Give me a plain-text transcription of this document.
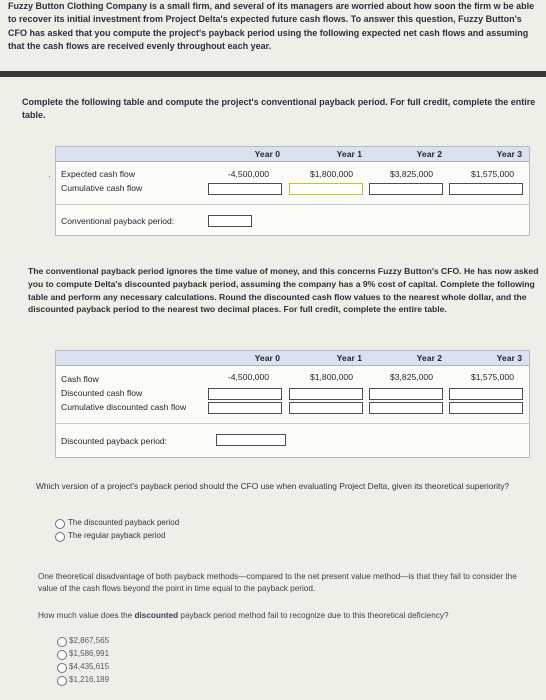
Fuzzy Button Clothing Company is a small firm, and several of its managers are worried about how soon the firm w be able to recover its initial investment from Project Delta's expected future cash flows. To answer this question, Fuzzy Button's CFO has asked that you compute the project's payback period using the following expected net cash flows and assuming that the cash flows are received evenly throughout each year.
Complete the following table and compute the project's conventional payback period. For full credit, complete the entire table.
Year 0	Year 1	Year 2	Year 3
· Expected cash flow	-4,500,000	$1,800,000	$3,825,000	$1,575,000
Cumulative cash flow
Conventional payback period:
The conventional payback period ignores the time value of money, and this concerns Fuzzy Button's CFO. He has now asked you to compute Delta's discounted payback period, assuming the company has a 9% cost of capital. Complete the following table and perform any necessary calculations. Round the discounted cash flow values to the nearest whole dollar, and the discounted payback period to the nearest two decimal places. For full credit, complete the entire table.
Year 0	Year 1	Year 2	Year 3
Cash flow	-4,500,000	$1,800,000	$3,825,000	$1,575,000
Discounted cash flow
Cumulative discounted cash flow
Discounted payback period:
Which version of a project's payback period should the CFO use when evaluating Project Delta, given its theoretical superiority?
The discounted payback period
The regular payback period
One theoretical disadvantage of both payback methods—compared to the net present value method—is that they fail to consider the value of the cash flows beyond the point in time equal to the payback period.
How much value does the discounted payback period method fail to recognize due to this theoretical deficiency?
$2,867,565
$1,586,991
$4,435,615
$1,216,189
